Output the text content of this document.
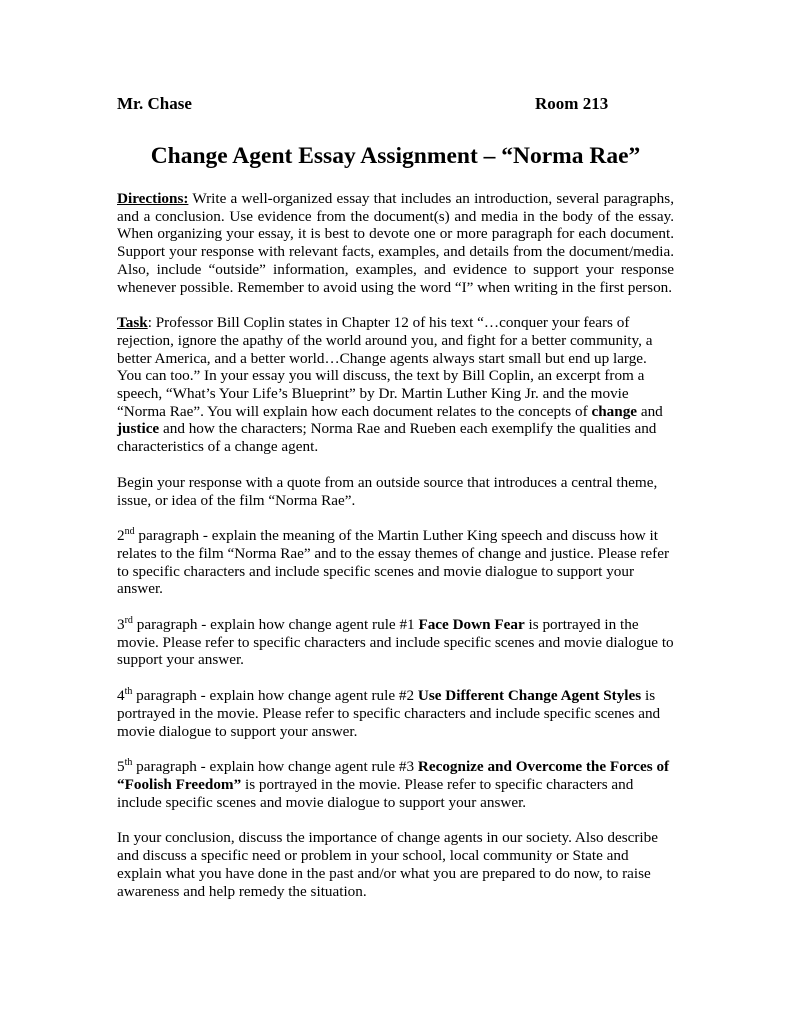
Mr. Chase	Room 213
Change Agent Essay Assignment – “Norma Rae”

Directions: Write a well-organized essay that includes an introduction, several paragraphs, and a conclusion. Use evidence from the document(s) and media in the body of the essay. When organizing your essay, it is best to devote one or more paragraph for each document. Support your response with relevant facts, examples, and details from the document/media. Also, include “outside” information, examples, and evidence to support your response whenever possible. Remember to avoid using the word “I” when writing in the first person.

Task: Professor Bill Coplin states in Chapter 12 of his text “…conquer your fears of rejection, ignore the apathy of the world around you, and fight for a better community, a better America, and a better world…Change agents always start small but end up large. You can too.” In your essay you will discuss, the text by Bill Coplin, an excerpt from a speech, “What’s Your Life’s Blueprint” by Dr. Martin Luther King Jr. and the movie “Norma Rae”. You will explain how each document relates to the concepts of change and justice and how the characters; Norma Rae and Rueben each exemplify the qualities and characteristics of a change agent.

Begin your response with a quote from an outside source that introduces a central theme, issue, or idea of the film “Norma Rae”.

2nd paragraph - explain the meaning of the Martin Luther King speech and discuss how it relates to the film “Norma Rae” and to the essay themes of change and justice. Please refer to specific characters and include specific scenes and movie dialogue to support your answer.

3rd paragraph - explain how change agent rule #1 Face Down Fear is portrayed in the movie. Please refer to specific characters and include specific scenes and movie dialogue to support your answer.

4th paragraph - explain how change agent rule #2 Use Different Change Agent Styles is portrayed in the movie. Please refer to specific characters and include specific scenes and movie dialogue to support your answer.

5th paragraph - explain how change agent rule #3 Recognize and Overcome the Forces of “Foolish Freedom” is portrayed in the movie. Please refer to specific characters and include specific scenes and movie dialogue to support your answer.

In your conclusion, discuss the importance of change agents in our society. Also describe and discuss a specific need or problem in your school, local community or State and explain what you have done in the past and/or what you are prepared to do now, to raise awareness and help remedy the situation.
